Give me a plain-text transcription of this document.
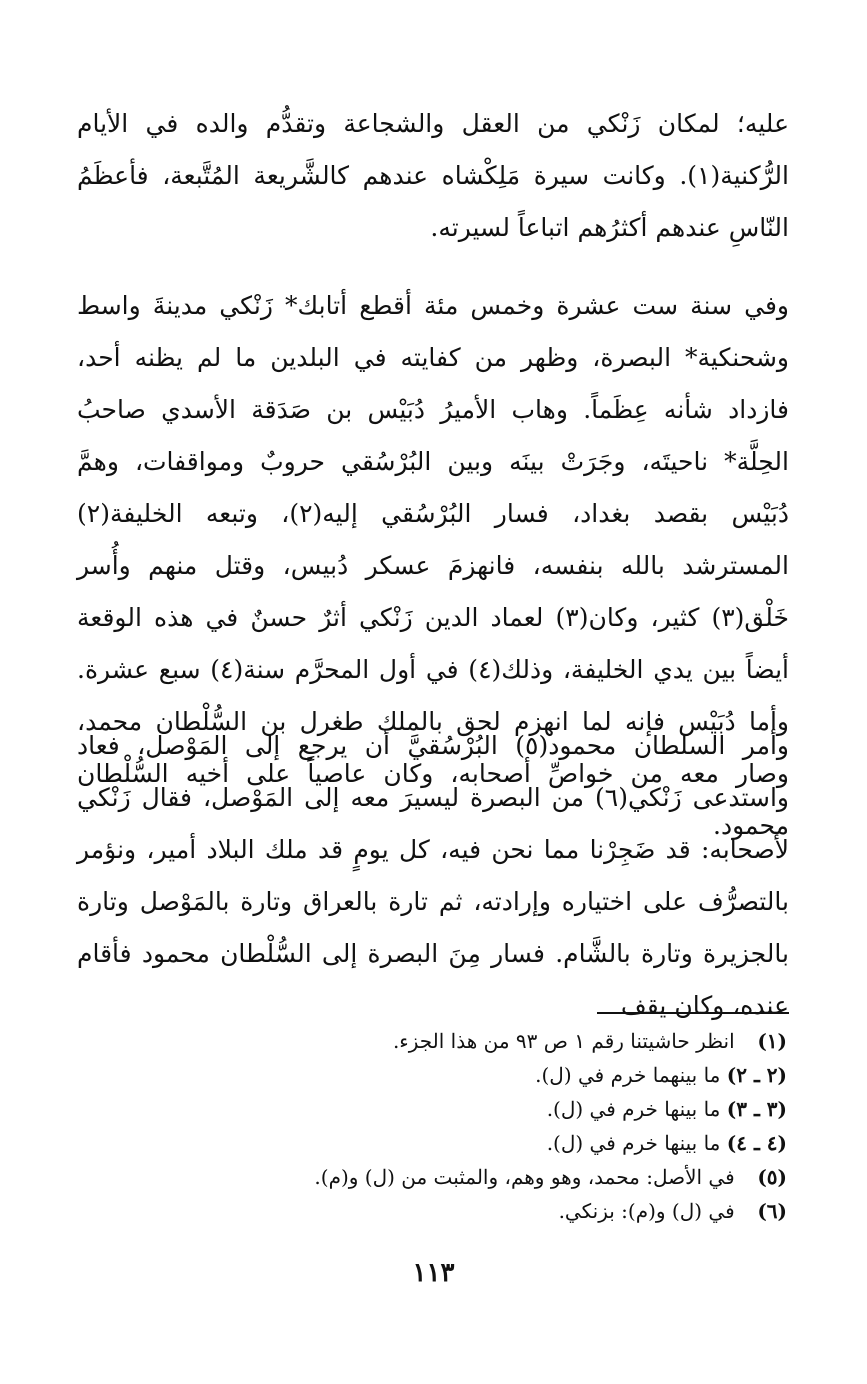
عليه؛ لمكان زَنْكي من العقل والشجاعة وتقدُّم والده في الأيام الرُّكنية(١). وكانت سيرة مَلِكْشاه عندهم كالشَّريعة المُتَّبعة، فأعظَمُ النّاسِ عندهم أكثرُهم اتباعاً لسيرته.

وفي سنة ست عشرة وخمس مئة أقطع أتابك* زَنْكي مدينةَ واسط وشحنكية* البصرة، وظهر من كفايته في البلدين ما لم يظنه أحد، فازداد شأنه عِظَماً. وهاب الأميرُ دُبَيْس بن صَدَقة الأسدي صاحبُ الحِلَّة* ناحيتَه، وجَرَتْ بينَه وبين البُرْسُقي حروبٌ ومواقفات، وهمَّ دُبَيْس بقصد بغداد، فسار البُرْسُقي إليه(٢)، وتبعه الخليفة(٢) المسترشد بالله بنفسه، فانهزمَ عسكر دُبيس، وقتل منهم وأُسر خَلْق(٣) كثير، وكان(٣) لعماد الدين زَنْكي أثرٌ حسنٌ في هذه الوقعة أيضاً بين يدي الخليفة، وذلك(٤) في أول المحرَّم سنة(٤) سبع عشرة. وأما دُبَيْس فإنه لما انهزم لحق بالملك طغرل بن السُّلْطان محمد، وصار معه من خواصِّ أصحابه، وكان عاصياً على أخيه السُّلْطان محمود.

وأمر السلطان محمود(٥) البُرْسُقيَّ أن يرجع إلى المَوْصل، فعاد واستدعى زَنْكي(٦) من البصرة ليسيرَ معه إلى المَوْصل، فقال زَنْكي لأصحابه: قد ضَجِرْنا مما نحن فيه، كل يومٍ قد ملك البلاد أمير، ونؤمر بالتصرُّف على اختياره وإرادته، ثم تارة بالعراق وتارة بالمَوْصل وتارة بالجزيرة وتارة بالشَّام. فسار مِنَ البصرة إلى السُّلْطان محمود فأقام عنده، وكان يقف

(١) انظر حاشيتنا رقم ١ ص ٩٣ من هذا الجزء.
(٢ ـ ٢) ما بينهما خرم في (ل).
(٣ ـ ٣) ما بينها خرم في (ل).
(٤ ـ ٤) ما بينها خرم في (ل).
(٥) في الأصل: محمد، وهو وهم، والمثبت من (ل) و(م).
(٦) في (ل) و(م): بزنكي.
١١٣
